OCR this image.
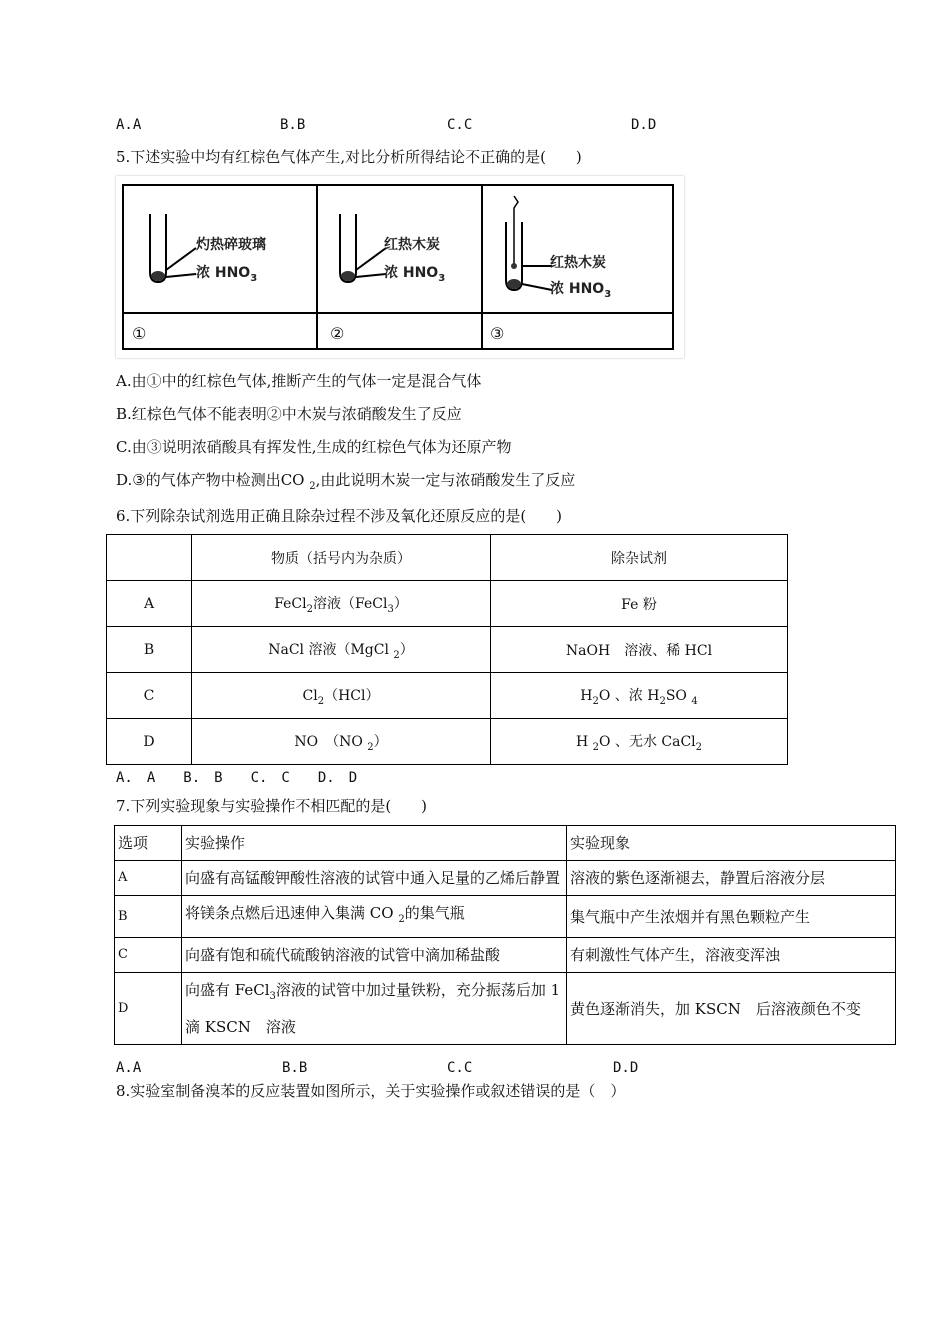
A.A	B.B	C.C	D.D
5.下述实验中均有红棕色气体产生,对比分析所得结论不正确的是(　　)
灼热碎玻璃
浓 $HNO_3$
①
红热木炭
浓 $HNO_3$
②
红热木炭
浓 $HNO_3$
③
A.由①中的红棕色气体,推断产生的气体一定是混合气体
B.红棕色气体不能表明②中木炭与浓硝酸发生了反应
C.由③说明浓硝酸具有挥发性,生成的红棕色气体为还原产物
D.③的气体产物中检测出CO $_2$,由此说明木炭一定与浓硝酸发生了反应
6.下列除杂试剂选用正确且除杂过程不涉及氧化还原反应的是(　　)
	物质（括号内为杂质）	除杂试剂
A	FeCl$_2$溶液（FeCl$_3$）	Fe 粉
B	NaCl 溶液（MgCl $_2$）	NaOH　溶液、稀 HCl
C	$Cl_2(HCl)$	$H_2O$ 、浓 $H_2SO$ $_4$
D	NO　（NO $_2$）	H $_2$O 、无水 CaCl$_2$
A.　A　　B.　B　　C.　C　　D.　D
7.下列实验现象与实验操作不相匹配的是(　　)
选项	实验操作	实验现象
A	向盛有高锰酸钾酸性溶液的试管中通入足量的乙烯后静置	溶液的紫色逐渐褪去，静置后溶液分层
B	将镁条点燃后迅速伸入集满 CO $_2$的集气瓶	集气瓶中产生浓烟并有黑色颗粒产生
C	向盛有饱和硫代硫酸钠溶液的试管中滴加稀盐酸	有刺激性气体产生，溶液变浑浊
D	向盛有 FeCl$_3$溶液的试管中加过量铁粉，充分振荡后加 1 滴 KSCN　溶液	黄色逐渐消失，加 KSCN　后溶液颜色不变
A.A	B.B	C.C	D.D
8.实验室制备溴苯的反应装置如图所示，关于实验操作或叙述错误的是（　）
